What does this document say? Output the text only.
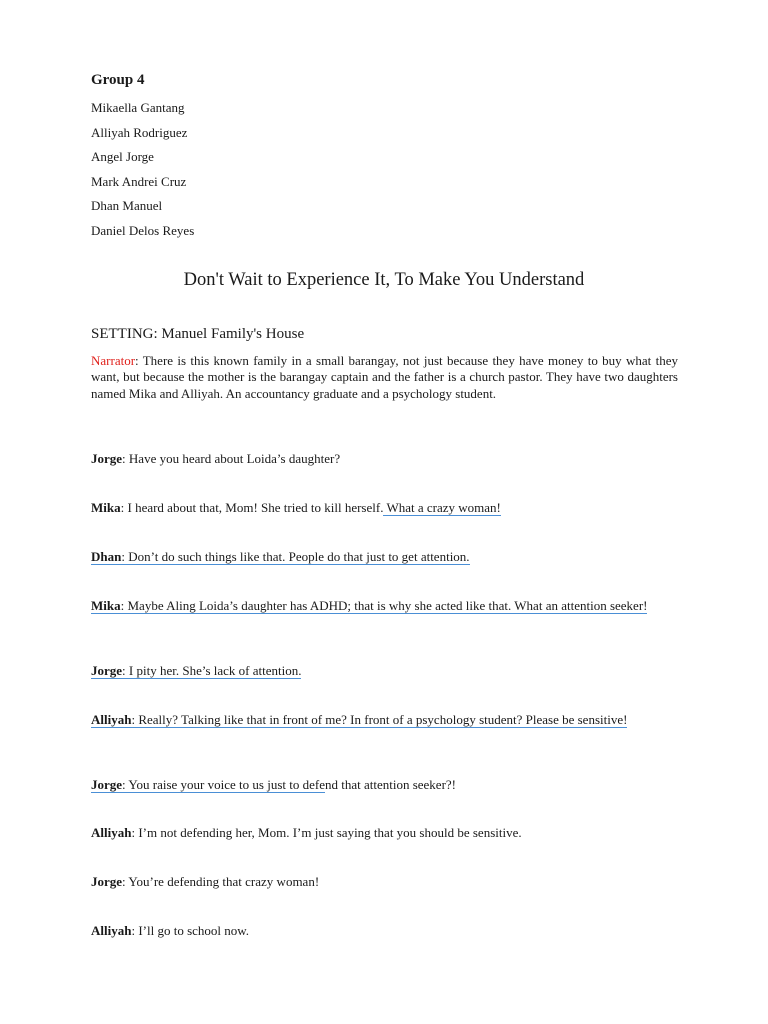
Group 4
Mikaella Gantang
Alliyah Rodriguez
Angel Jorge
Mark Andrei Cruz
Dhan Manuel
Daniel Delos Reyes
Don't Wait to Experience It, To Make You Understand

SETTING: Manuel Family's House

Narrator: There is this known family in a small barangay, not just because they have money to buy what they want, but because the mother is the barangay captain and the father is a church pastor. They have two daughters named Mika and Alliyah. An accountancy graduate and a psychology student.

Jorge: Have you heard about Loida’s daughter?

Mika: I heard about that, Mom! She tried to kill herself. What a crazy woman!

Dhan: Don’t do such things like that. People do that just to get attention.

Mika: Maybe Aling Loida’s daughter has ADHD; that is why she acted like that. What an attention seeker!

Jorge: I pity her. She’s lack of attention.

Alliyah: Really? Talking like that in front of me? In front of a psychology student? Please be sensitive!

Jorge: You raise your voice to us just to defend that attention seeker?!

Alliyah: I’m not defending her, Mom. I’m just saying that you should be sensitive.

Jorge: You’re defending that crazy woman!

Alliyah: I’ll go to school now.
